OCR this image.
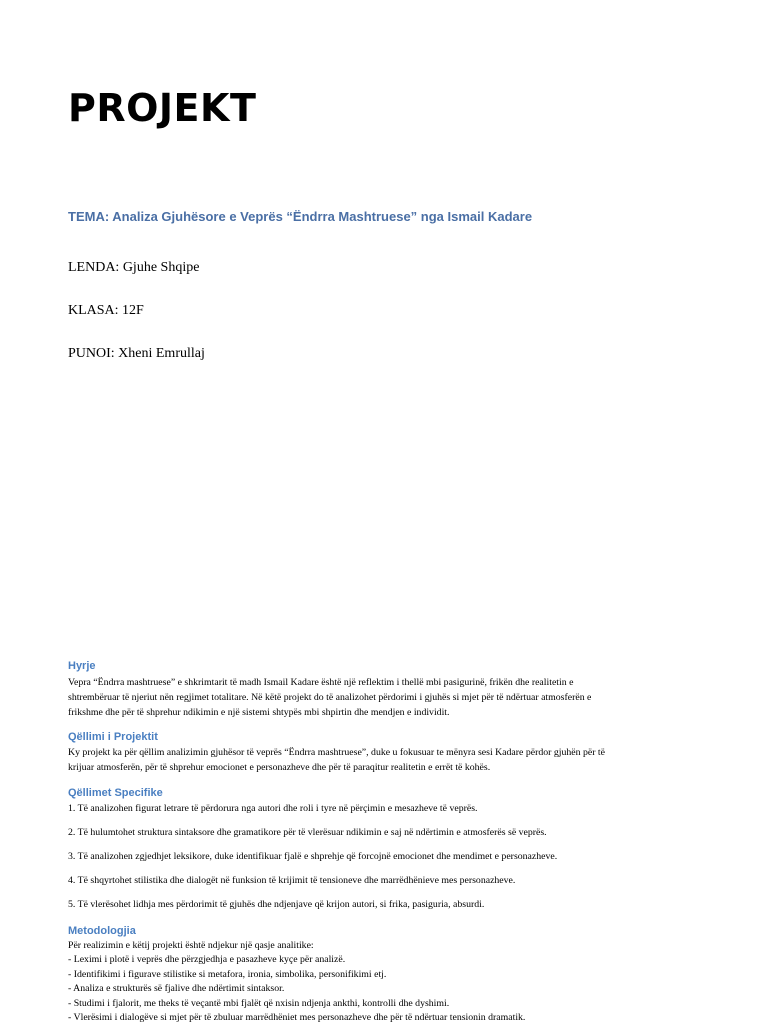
PROJEKT

TEMA: Analiza Gjuhësore e Veprës “Ëndrra Mashtruese” nga Ismail Kadare

LENDA: Gjuhe Shqipe

KLASA: 12F

PUNOI: Xheni Emrullaj

Hyrje
Vepra “Ëndrra mashtruese” e shkrimtarit të madh Ismail Kadare është një reflektim i thellë mbi pasigurinë, frikën dhe realitetin e
shtrembëruar të njeriut nën regjimet totalitare. Në këtë projekt do të analizohet përdorimi i gjuhës si mjet për të ndërtuar atmosferën e
frikshme dhe për të shprehur ndikimin e një sistemi shtypës mbi shpirtin dhe mendjen e individit.
Qëllimi i Projektit
Ky projekt ka për qëllim analizimin gjuhësor të veprës “Ëndrra mashtruese”, duke u fokusuar te mënyra sesi Kadare përdor gjuhën për të
krijuar atmosferën, për të shprehur emocionet e personazheve dhe për të paraqitur realitetin e errët të kohës.
Qëllimet Specifike

1. Të analizohen figurat letrare të përdorura nga autori dhe roli i tyre në përçimin e mesazheve të veprës.

2. Të hulumtohet struktura sintaksore dhe gramatikore për të vlerësuar ndikimin e saj në ndërtimin e atmosferës së veprës.

3. Të analizohen zgjedhjet leksikore, duke identifikuar fjalë e shprehje që forcojnë emocionet dhe mendimet e personazheve.

4. Të shqyrtohet stilistika dhe dialogët në funksion të krijimit të tensioneve dhe marrëdhënieve mes personazheve.

5. Të vlerësohet lidhja mes përdorimit të gjuhës dhe ndjenjave që krijon autori, si frika, pasiguria, absurdi.

Metodologjia
Për realizimin e këtij projekti është ndjekur një qasje analitike:
- Leximi i plotë i veprës dhe përzgjedhja e pasazheve kyçe për analizë.
- Identifikimi i figurave stilistike si metafora, ironia, simbolika, personifikimi etj.
- Analiza e strukturës së fjalive dhe ndërtimit sintaksor.
- Studimi i fjalorit, me theks të veçantë mbi fjalët që nxisin ndjenja ankthi, kontrolli dhe dyshimi.
- Vlerësimi i dialogëve si mjet për të zbuluar marrëdhëniet mes personazheve dhe për të ndërtuar tensionin dramatik.
